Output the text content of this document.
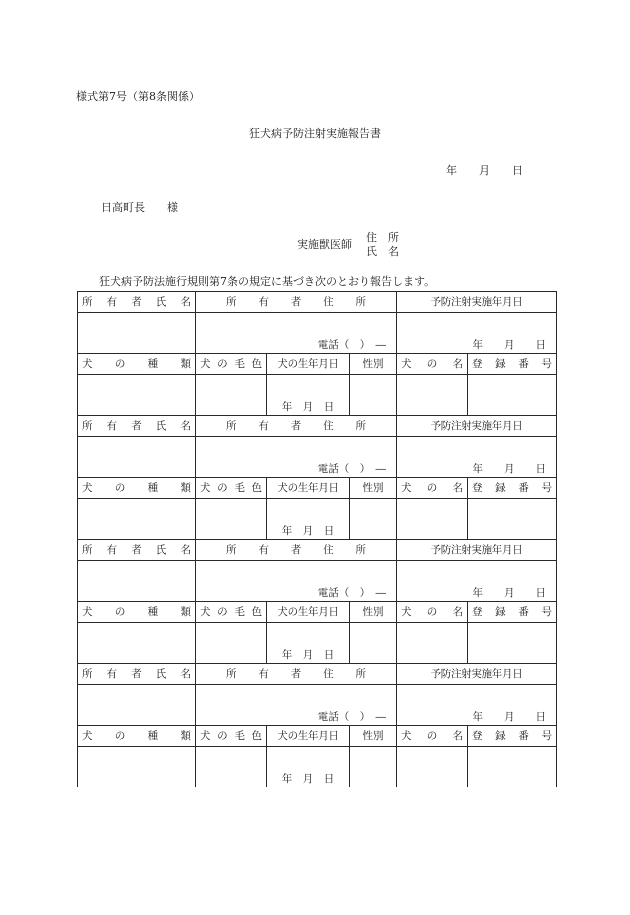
様式第7号（第8条関係）
狂犬病予防注射実施報告書
年　　月　　日
日高町長　　様
実施獣医師
住　所
氏　名
狂犬病予防法施行規則第7条の規定に基づき次のとおり報告します。
所有者氏名	所有者住所			予防注射実施年月日	
	電話（　）　―			年　　月　　日	
犬の種類	犬の毛色	犬の生年月日	性別	犬の名	登録番号
		年　月　日			
所有者氏名	所有者住所			予防注射実施年月日	
	電話（　）　―			年　　月　　日	
犬の種類	犬の毛色	犬の生年月日	性別	犬の名	登録番号
		年　月　日			
所有者氏名	所有者住所			予防注射実施年月日	
	電話（　）　―			年　　月　　日	
犬の種類	犬の毛色	犬の生年月日	性別	犬の名	登録番号
		年　月　日			
所有者氏名	所有者住所			予防注射実施年月日	
	電話（　）　―			年　　月　　日	
犬の種類	犬の毛色	犬の生年月日	性別	犬の名	登録番号
		年　月　日			
